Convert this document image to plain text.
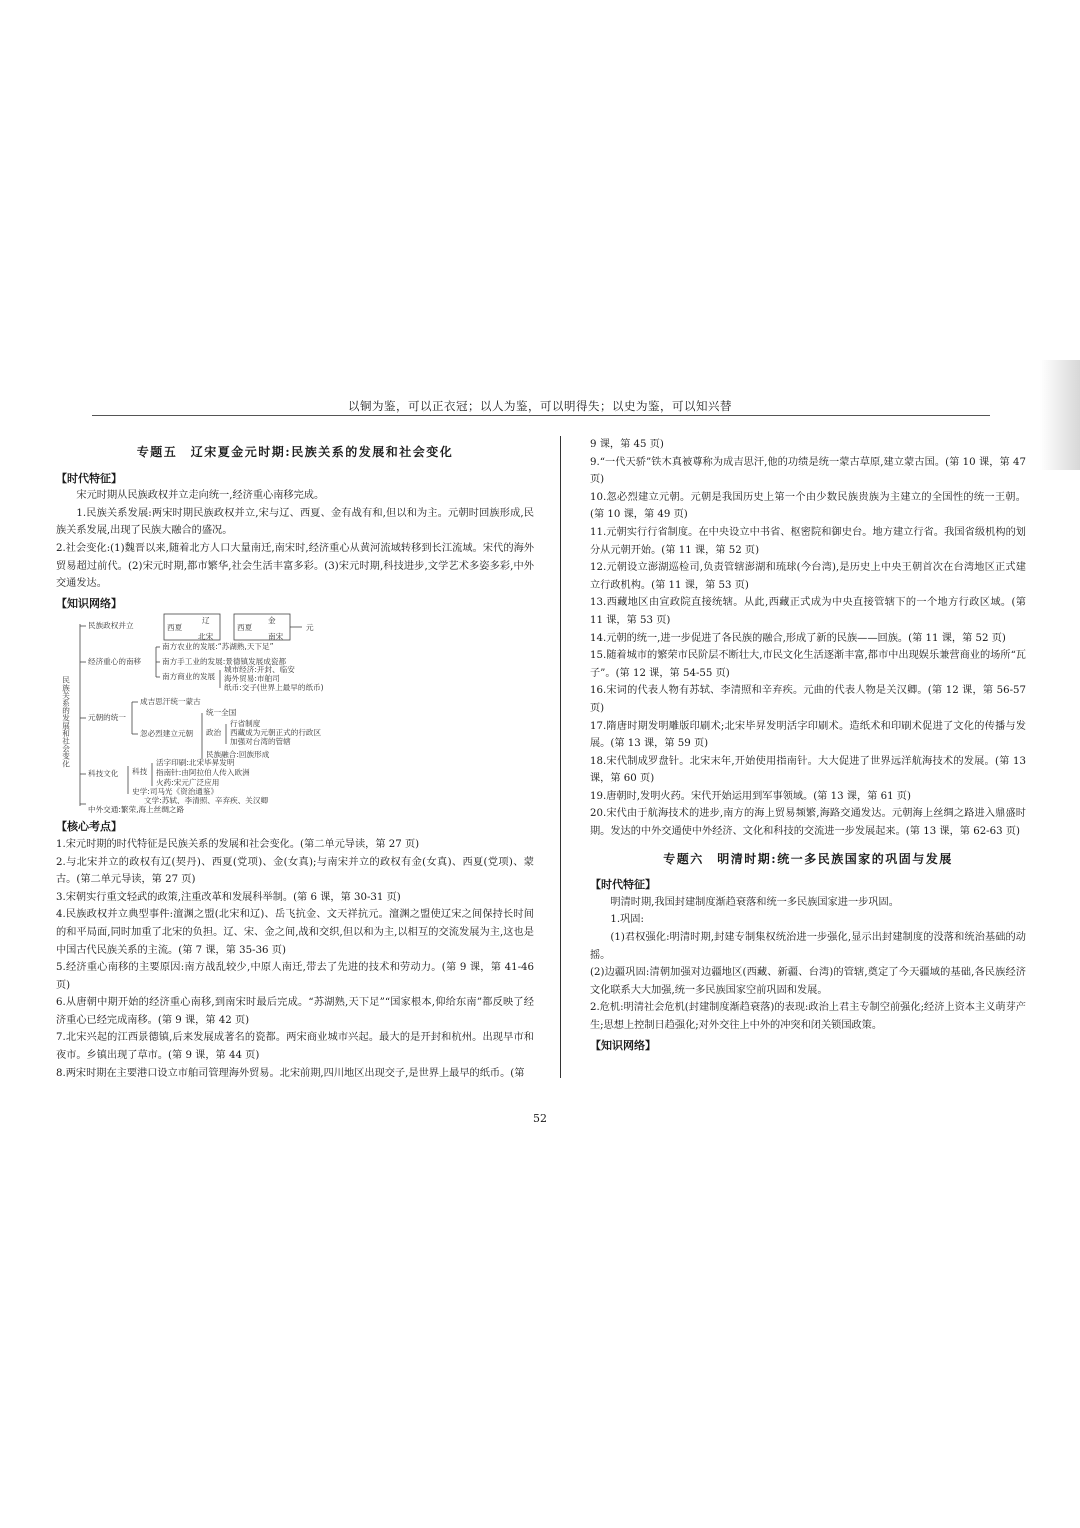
以铜为鉴，可以正衣冠；以人为鉴，可以明得失；以史为鉴，可以知兴替

专题五　辽宋夏金元时期:民族关系的发展和社会变化

【时代特征】

宋元时期从民族政权并立走向统一,经济重心南移完成。

1.民族关系发展:两宋时期民族政权并立,宋与辽、西夏、金有战有和,但以和为主。元朝时回族形成,民族关系发展,出现了民族大融合的盛况。

2.社会变化:(1)魏晋以来,随着北方人口大量南迁,南宋时,经济重心从黄河流域转移到长江流域。宋代的海外贸易超过前代。(2)宋元时期,都市繁华,社会生活丰富多彩。(3)宋元时期,科技进步,文学艺术多姿多彩,中外交通发达。

【知识网络】

民族关系的发展和社会变化
民族政权并立
辽
西夏
北宋
金
西夏
南宋
元
经济重心的南移
南方农业的发展:“苏湖熟,天下足”
南方手工业的发展:景德镇发展成瓷都
南方商业的发展
城市经济:开封、临安
海外贸易:市舶司
纸币:交子(世界上最早的纸币)
元朝的统一
成吉思汗统一蒙古
忽必烈建立元朝
统一全国
政治
行省制度
西藏成为元朝正式的行政区
加强对台湾的管辖
民族融合:回族形成
科技文化 科技
活字印刷:北宋毕昇发明
指南针:由阿拉伯人传入欧洲
火药:宋元广泛应用
史学:司马光《资治通鉴》
文学:苏轼、李清照、辛弃疾、关汉卿
中外交通:繁荣,海上丝绸之路

【核心考点】

1.宋元时期的时代特征是民族关系的发展和社会变化。(第二单元导读，第 27 页)

2.与北宋并立的政权有辽(契丹)、西夏(党项)、金(女真);与南宋并立的政权有金(女真)、西夏(党项)、蒙古。(第二单元导读，第 27 页)

3.宋朝实行重文轻武的政策,注重改革和发展科举制。(第 6 课，第 30-31 页)

4.民族政权并立典型事件:澶渊之盟(北宋和辽)、岳飞抗金、文天祥抗元。澶渊之盟使辽宋之间保持长时间的和平局面,同时加重了北宋的负担。辽、宋、金之间,战和交织,但以和为主,以相互的交流发展为主,这也是中国古代民族关系的主流。(第 7 课，第 35-36 页)

5.经济重心南移的主要原因:南方战乱较少,中原人南迁,带去了先进的技术和劳动力。(第 9 课，第 41-46 页)

6.从唐朝中期开始的经济重心南移,到南宋时最后完成。“苏湖熟,天下足”“国家根本,仰给东南”都反映了经济重心已经完成南移。(第 9 课，第 42 页)

7.北宋兴起的江西景德镇,后来发展成著名的瓷都。两宋商业城市兴起。最大的是开封和杭州。出现早市和夜市。乡镇出现了草市。(第 9 课，第 44 页)

8.两宋时期在主要港口设立市舶司管理海外贸易。北宋前期,四川地区出现交子,是世界上最早的纸币。(第

9 课，第 45 页)

9.“一代天骄”铁木真被尊称为成吉思汗,他的功绩是统一蒙古草原,建立蒙古国。(第 10 课，第 47 页)

10.忽必烈建立元朝。元朝是我国历史上第一个由少数民族贵族为主建立的全国性的统一王朝。(第 10 课，第 49 页)

11.元朝实行行省制度。在中央设立中书省、枢密院和御史台。地方建立行省。我国省级机构的划分从元朝开始。(第 11 课，第 52 页)

12.元朝设立澎湖巡检司,负责管辖澎湖和琉球(今台湾),是历史上中央王朝首次在台湾地区正式建立行政机构。(第 11 课，第 53 页)

13.西藏地区由宣政院直接统辖。从此,西藏正式成为中央直接管辖下的一个地方行政区域。(第 11 课，第 53 页)

14.元朝的统一,进一步促进了各民族的融合,形成了新的民族——回族。(第 11 课，第 52 页)

15.随着城市的繁荣市民阶层不断壮大,市民文化生活逐渐丰富,都市中出现娱乐兼营商业的场所“瓦子”。(第 12 课，第 54-55 页)

16.宋词的代表人物有苏轼、李清照和辛弃疾。元曲的代表人物是关汉卿。(第 12 课，第 56-57 页)

17.隋唐时期发明雕版印刷术;北宋毕昇发明活字印刷术。造纸术和印刷术促进了文化的传播与发展。(第 13 课，第 59 页)

18.宋代制成罗盘针。北宋末年,开始使用指南针。大大促进了世界远洋航海技术的发展。(第 13 课，第 60 页)

19.唐朝时,发明火药。宋代开始运用到军事领域。(第 13 课，第 61 页)

20.宋代由于航海技术的进步,南方的海上贸易频繁,海路交通发达。元朝海上丝绸之路进入鼎盛时期。发达的中外交通使中外经济、文化和科技的交流进一步发展起来。(第 13 课，第 62-63 页)

专题六　明清时期:统一多民族国家的巩固与发展

【时代特征】

明清时期,我国封建制度渐趋衰落和统一多民族国家进一步巩固。

1.巩固:

(1)君权强化:明清时期,封建专制集权统治进一步强化,显示出封建制度的没落和统治基础的动摇。

(2)边疆巩固:清朝加强对边疆地区(西藏、新疆、台湾)的管辖,奠定了今天疆域的基础,各民族经济文化联系大大加强,统一多民族国家空前巩固和发展。

2.危机:明清社会危机(封建制度渐趋衰落)的表现:政治上君主专制空前强化;经济上资本主义萌芽产生;思想上控制日趋强化;对外交往上中外的冲突和闭关锁国政策。

【知识网络】

52
